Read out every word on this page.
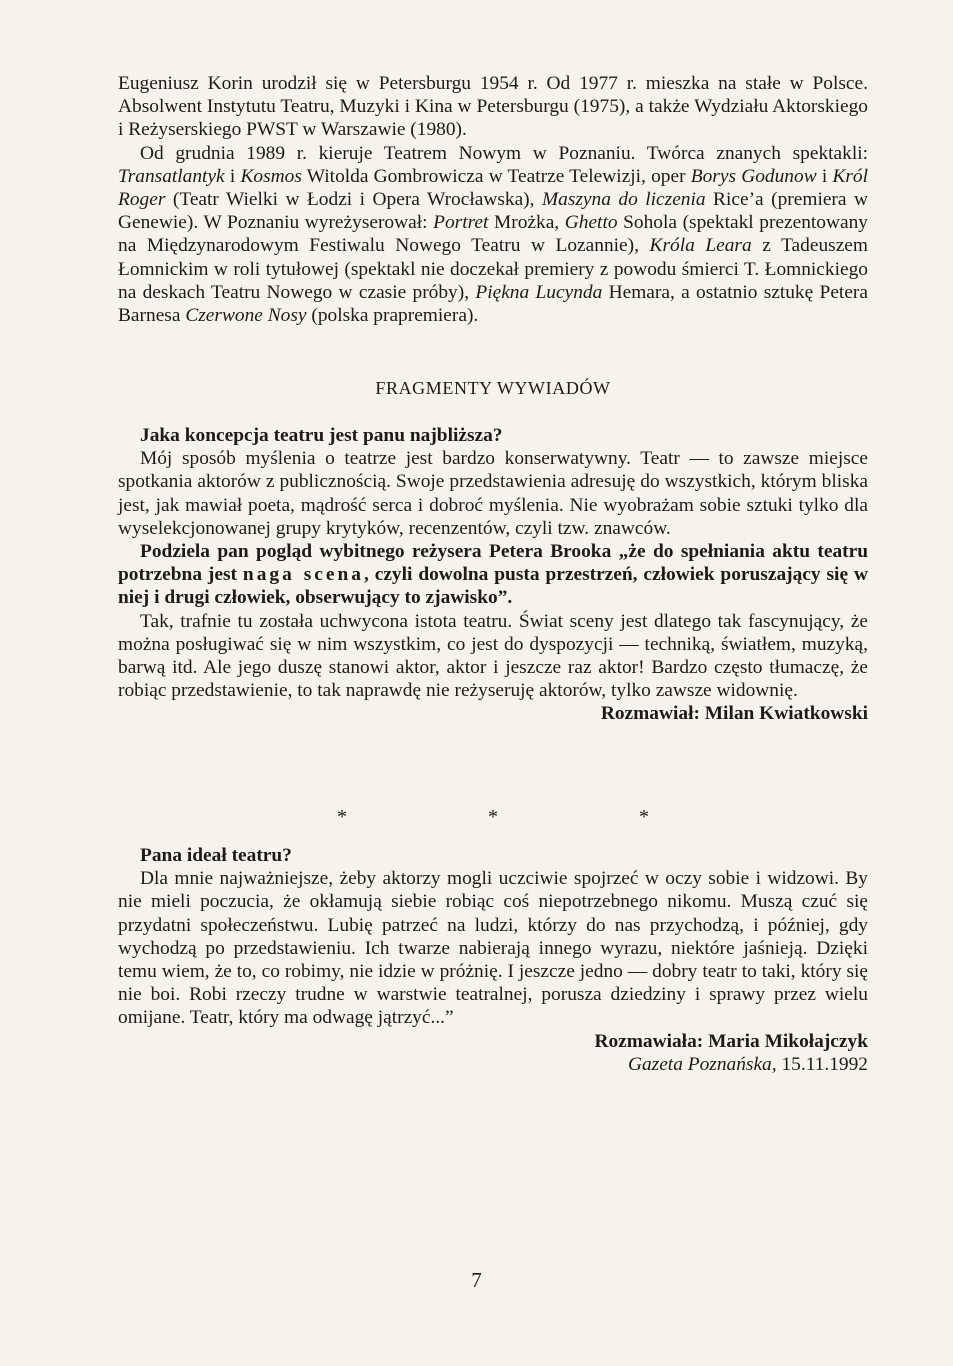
Eugeniusz Korin urodził się w Petersburgu 1954 r. Od 1977 r. mieszka na stałe w Polsce. Absolwent Instytutu Teatru, Muzyki i Kina w Petersburgu (1975), a także Wydziału Aktorskiego i Reżyserskiego PWST w Warszawie (1980).

Od grudnia 1989 r. kieruje Teatrem Nowym w Poznaniu. Twórca znanych spektakli: Transatlantyk i Kosmos Witolda Gombrowicza w Teatrze Telewizji, oper Borys Godunow i Król Roger (Teatr Wielki w Łodzi i Opera Wrocławska), Maszyna do liczenia Rice’a (premiera w Genewie). W Poznaniu wyreżyserował: Portret Mrożka, Ghetto Sohola (spektakl prezentowany na Międzynarodowym Festiwalu Nowego Teatru w Lozannie), Króla Leara z Tadeuszem Łomnickim w roli tytułowej (spektakl nie doczekał premiery z powodu śmierci T. Łomnickiego na deskach Teatru Nowego w czasie próby), Piękna Lucynda Hemara, a ostatnio sztukę Petera Barnesa Czerwone Nosy (polska prapremiera).

FRAGMENTY WYWIADÓW

Jaka koncepcja teatru jest panu najbliższa?

Mój sposób myślenia o teatrze jest bardzo konserwatywny. Teatr — to zawsze miejsce spotkania aktorów z publicznością. Swoje przedstawienia adresuję do wszystkich, którym bliska jest, jak mawiał poeta, mądrość serca i dobroć myślenia. Nie wyobrażam sobie sztuki tylko dla wyselekcjonowanej grupy krytyków, recenzentów, czyli tzw. znawców.

Podziela pan pogląd wybitnego reżysera Petera Brooka „że do spełniania aktu teatru potrzebna jest naga scena, czyli dowolna pusta przestrzeń, człowiek poruszający się w niej i drugi człowiek, obserwujący to zjawisko”.

Tak, trafnie tu została uchwycona istota teatru. Świat sceny jest dlatego tak fascynujący, że można posługiwać się w nim wszystkim, co jest do dyspozycji — techniką, światłem, muzyką, barwą itd. Ale jego duszę stanowi aktor, aktor i jeszcze raz aktor! Bardzo często tłumaczę, że robiąc przedstawienie, to tak naprawdę nie reżyseruję aktorów, tylko zawsze widownię.

Rozmawiał: Milan Kwiatkowski

* * *

Pana ideał teatru?

Dla mnie najważniejsze, żeby aktorzy mogli uczciwie spojrzeć w oczy sobie i widzowi. By nie mieli poczucia, że okłamują siebie robiąc coś niepotrzebnego nikomu. Muszą czuć się przydatni społeczeństwu. Lubię patrzeć na ludzi, którzy do nas przychodzą, i później, gdy wychodzą po przedstawieniu. Ich twarze nabierają innego wyrazu, niektóre jaśnieją. Dzięki temu wiem, że to, co robimy, nie idzie w próżnię. I jeszcze jedno — dobry teatr to taki, który się nie boi. Robi rzeczy trudne w warstwie teatralnej, porusza dziedziny i sprawy przez wielu omijane. Teatr, który ma odwagę jątrzyć...”

Rozmawiała: Maria Mikołajczyk

Gazeta Poznańska, 15.11.1992

7
